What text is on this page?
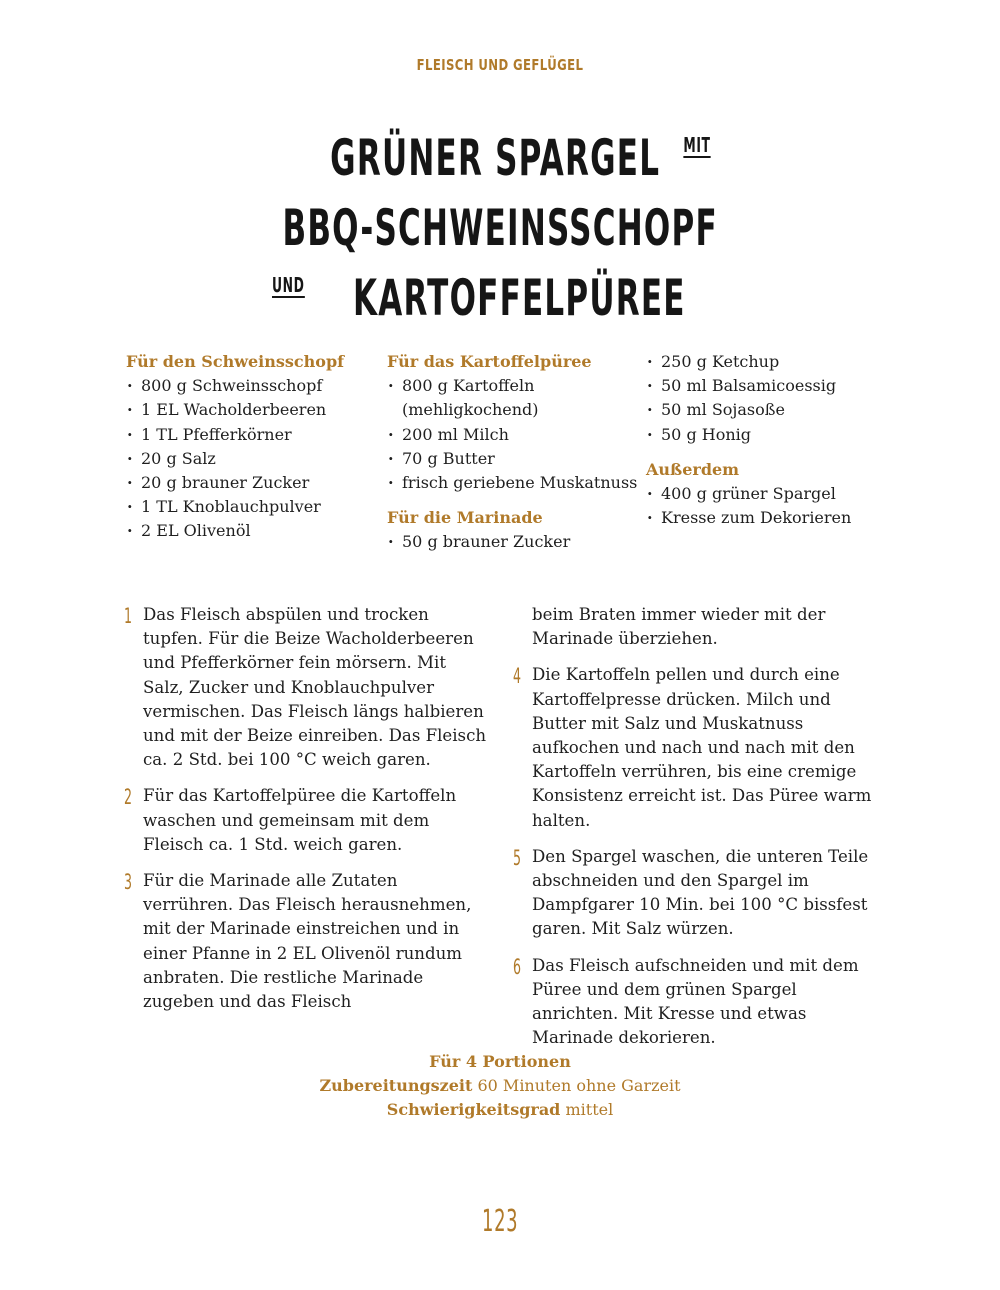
FLEISCH UND GEFLÜGEL
GRÜNER SPARGEL MIT
BBQ-SCHWEINSSCHOPF
UND KARTOFFELPÜREE
Für den Schweinsschopf
· 800 g Schweinsschopf
· 1 EL Wacholderbeeren
· 1 TL Pfefferkörner
· 20 g Salz
· 20 g brauner Zucker
· 1 TL Knoblauchpulver
· 2 EL Olivenöl
Für das Kartoffelpüree
· 800 g Kartoffeln
(mehligkochend)
· 200 ml Milch
· 70 g Butter
· frisch geriebene Muskatnuss
Für die Marinade
· 50 g brauner Zucker
· 250 g Ketchup
· 50 ml Balsamicoessig
· 50 ml Sojasoße
· 50 g Honig
Außerdem
· 400 g grüner Spargel
· Kresse zum Dekorieren
1 Das Fleisch abspülen und trocken tupfen. Für die Beize Wacholderbeeren und Pfefferkörner fein mörsern. Mit Salz, Zucker und Knoblauchpulver vermischen. Das Fleisch längs halbieren und mit der Beize einreiben. Das Fleisch ca. 2 Std. bei 100 °C weich garen.
2 Für das Kartoffelpüree die Kartoffeln waschen und gemeinsam mit dem Fleisch ca. 1 Std. weich garen.
3 Für die Marinade alle Zutaten verrühren. Das Fleisch herausnehmen, mit der Marinade einstreichen und in einer Pfanne in 2 EL Olivenöl rundum anbraten. Die restliche Marinade zugeben und das Fleisch
beim Braten immer wieder mit der Marinade überziehen.
4 Die Kartoffeln pellen und durch eine Kartoffelpresse drücken. Milch und Butter mit Salz und Muskatnuss aufkochen und nach und nach mit den Kartoffeln verrühren, bis eine cremige Konsistenz erreicht ist. Das Püree warm halten.
5 Den Spargel waschen, die unteren Teile abschneiden und den Spargel im Dampfgarer 10 Min. bei 100 °C bissfest garen. Mit Salz würzen.
6 Das Fleisch aufschneiden und mit dem Püree und dem grünen Spargel anrichten. Mit Kresse und etwas Marinade dekorieren.
Für 4 Portionen
Zubereitungszeit 60 Minuten ohne Garzeit
Schwierigkeitsgrad mittel
123
